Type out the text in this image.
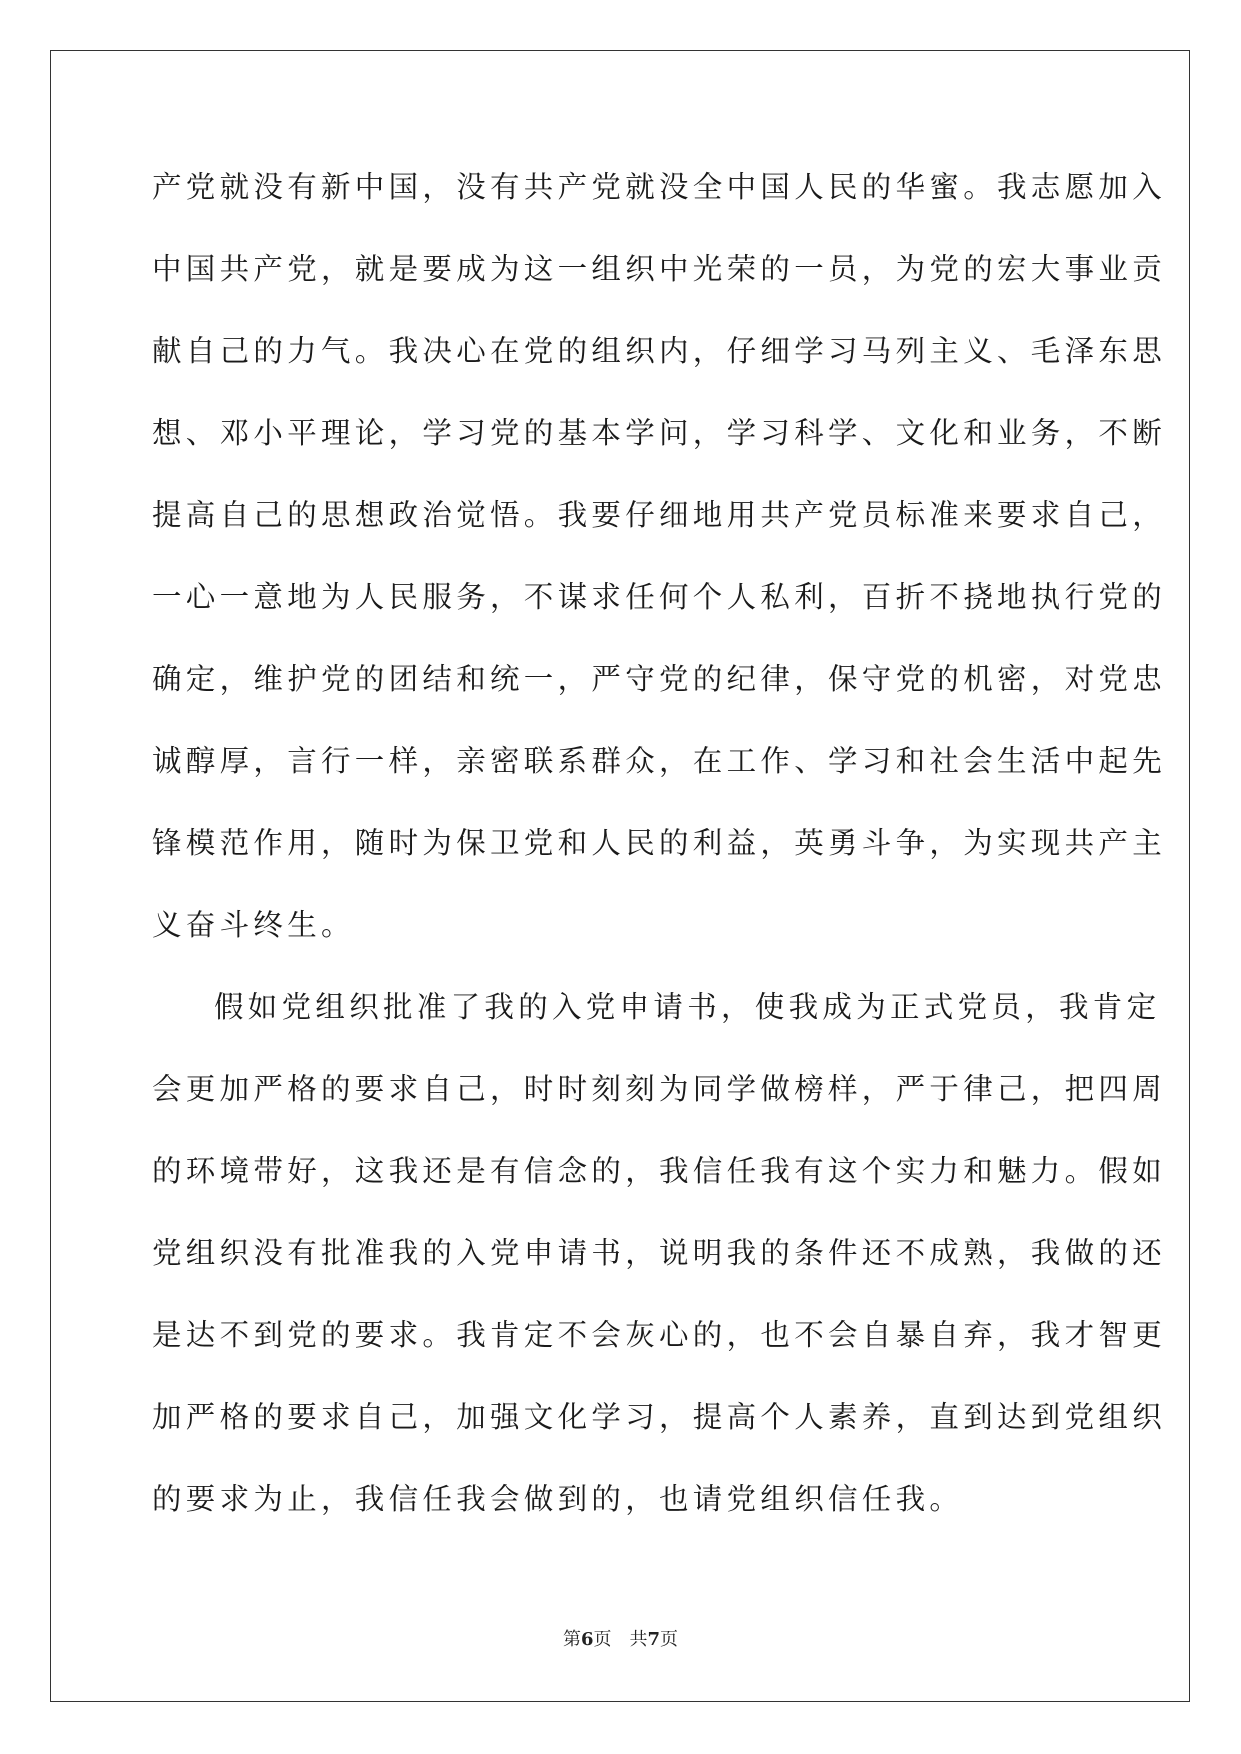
产党就没有新中国，没有共产党就没全中国人民的华蜜。我志愿加入
中国共产党，就是要成为这一组织中光荣的一员，为党的宏大事业贡
献自己的力气。我决心在党的组织内，仔细学习马列主义、毛泽东思
想、邓小平理论，学习党的基本学问，学习科学、文化和业务，不断
提高自己的思想政治觉悟。我要仔细地用共产党员标准来要求自己，
一心一意地为人民服务，不谋求任何个人私利，百折不挠地执行党的
确定，维护党的团结和统一，严守党的纪律，保守党的机密，对党忠
诚醇厚，言行一样，亲密联系群众，在工作、学习和社会生活中起先
锋模范作用，随时为保卫党和人民的利益，英勇斗争，为实现共产主
义奋斗终生。
假如党组织批准了我的入党申请书，使我成为正式党员，我肯定
会更加严格的要求自己，时时刻刻为同学做榜样，严于律己，把四周
的环境带好，这我还是有信念的，我信任我有这个实力和魅力。假如
党组织没有批准我的入党申请书，说明我的条件还不成熟，我做的还
是达不到党的要求。我肯定不会灰心的，也不会自暴自弃，我才智更
加严格的要求自己，加强文化学习，提高个人素养，直到达到党组织
的要求为止，我信任我会做到的，也请党组织信任我。
第6页 共7页
